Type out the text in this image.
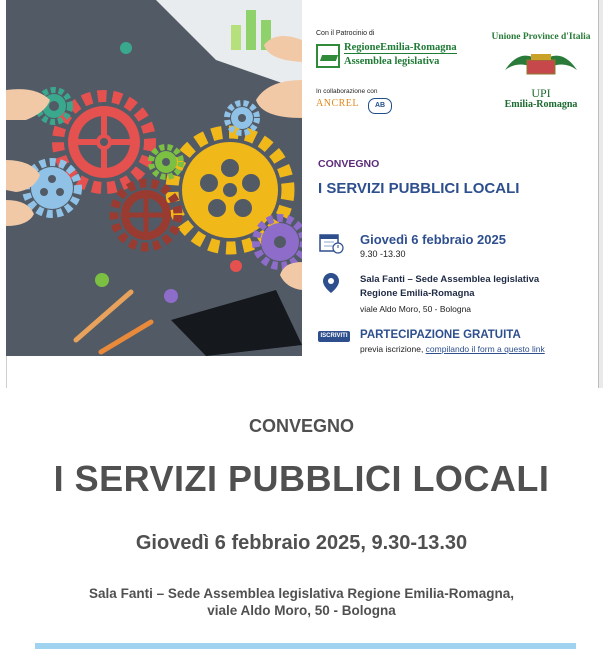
Con il Patrocinio di
RegioneEmilia-Romagna
Assemblea legislativa
In collaborazione con
ANCREL	AB
Unione Province d'Italia
UPI
Emilia-Romagna
CONVEGNO
I SERVIZI PUBBLICI LOCALI
Giovedì 6 febbraio 2025
9.30 -13.30
Sala Fanti – Sede Assemblea legislativa
Regione Emilia-Romagna
viale Aldo Moro, 50 - Bologna
ISCRIVITI PARTECIPAZIONE GRATUITA
previa iscrizione, compilando il form a questo link
CONVEGNO
I SERVIZI PUBBLICI LOCALI
Giovedì 6 febbraio 2025, 9.30-13.30
Sala Fanti – Sede Assemblea legislativa Regione Emilia-Romagna,
viale Aldo Moro, 50 - Bologna
